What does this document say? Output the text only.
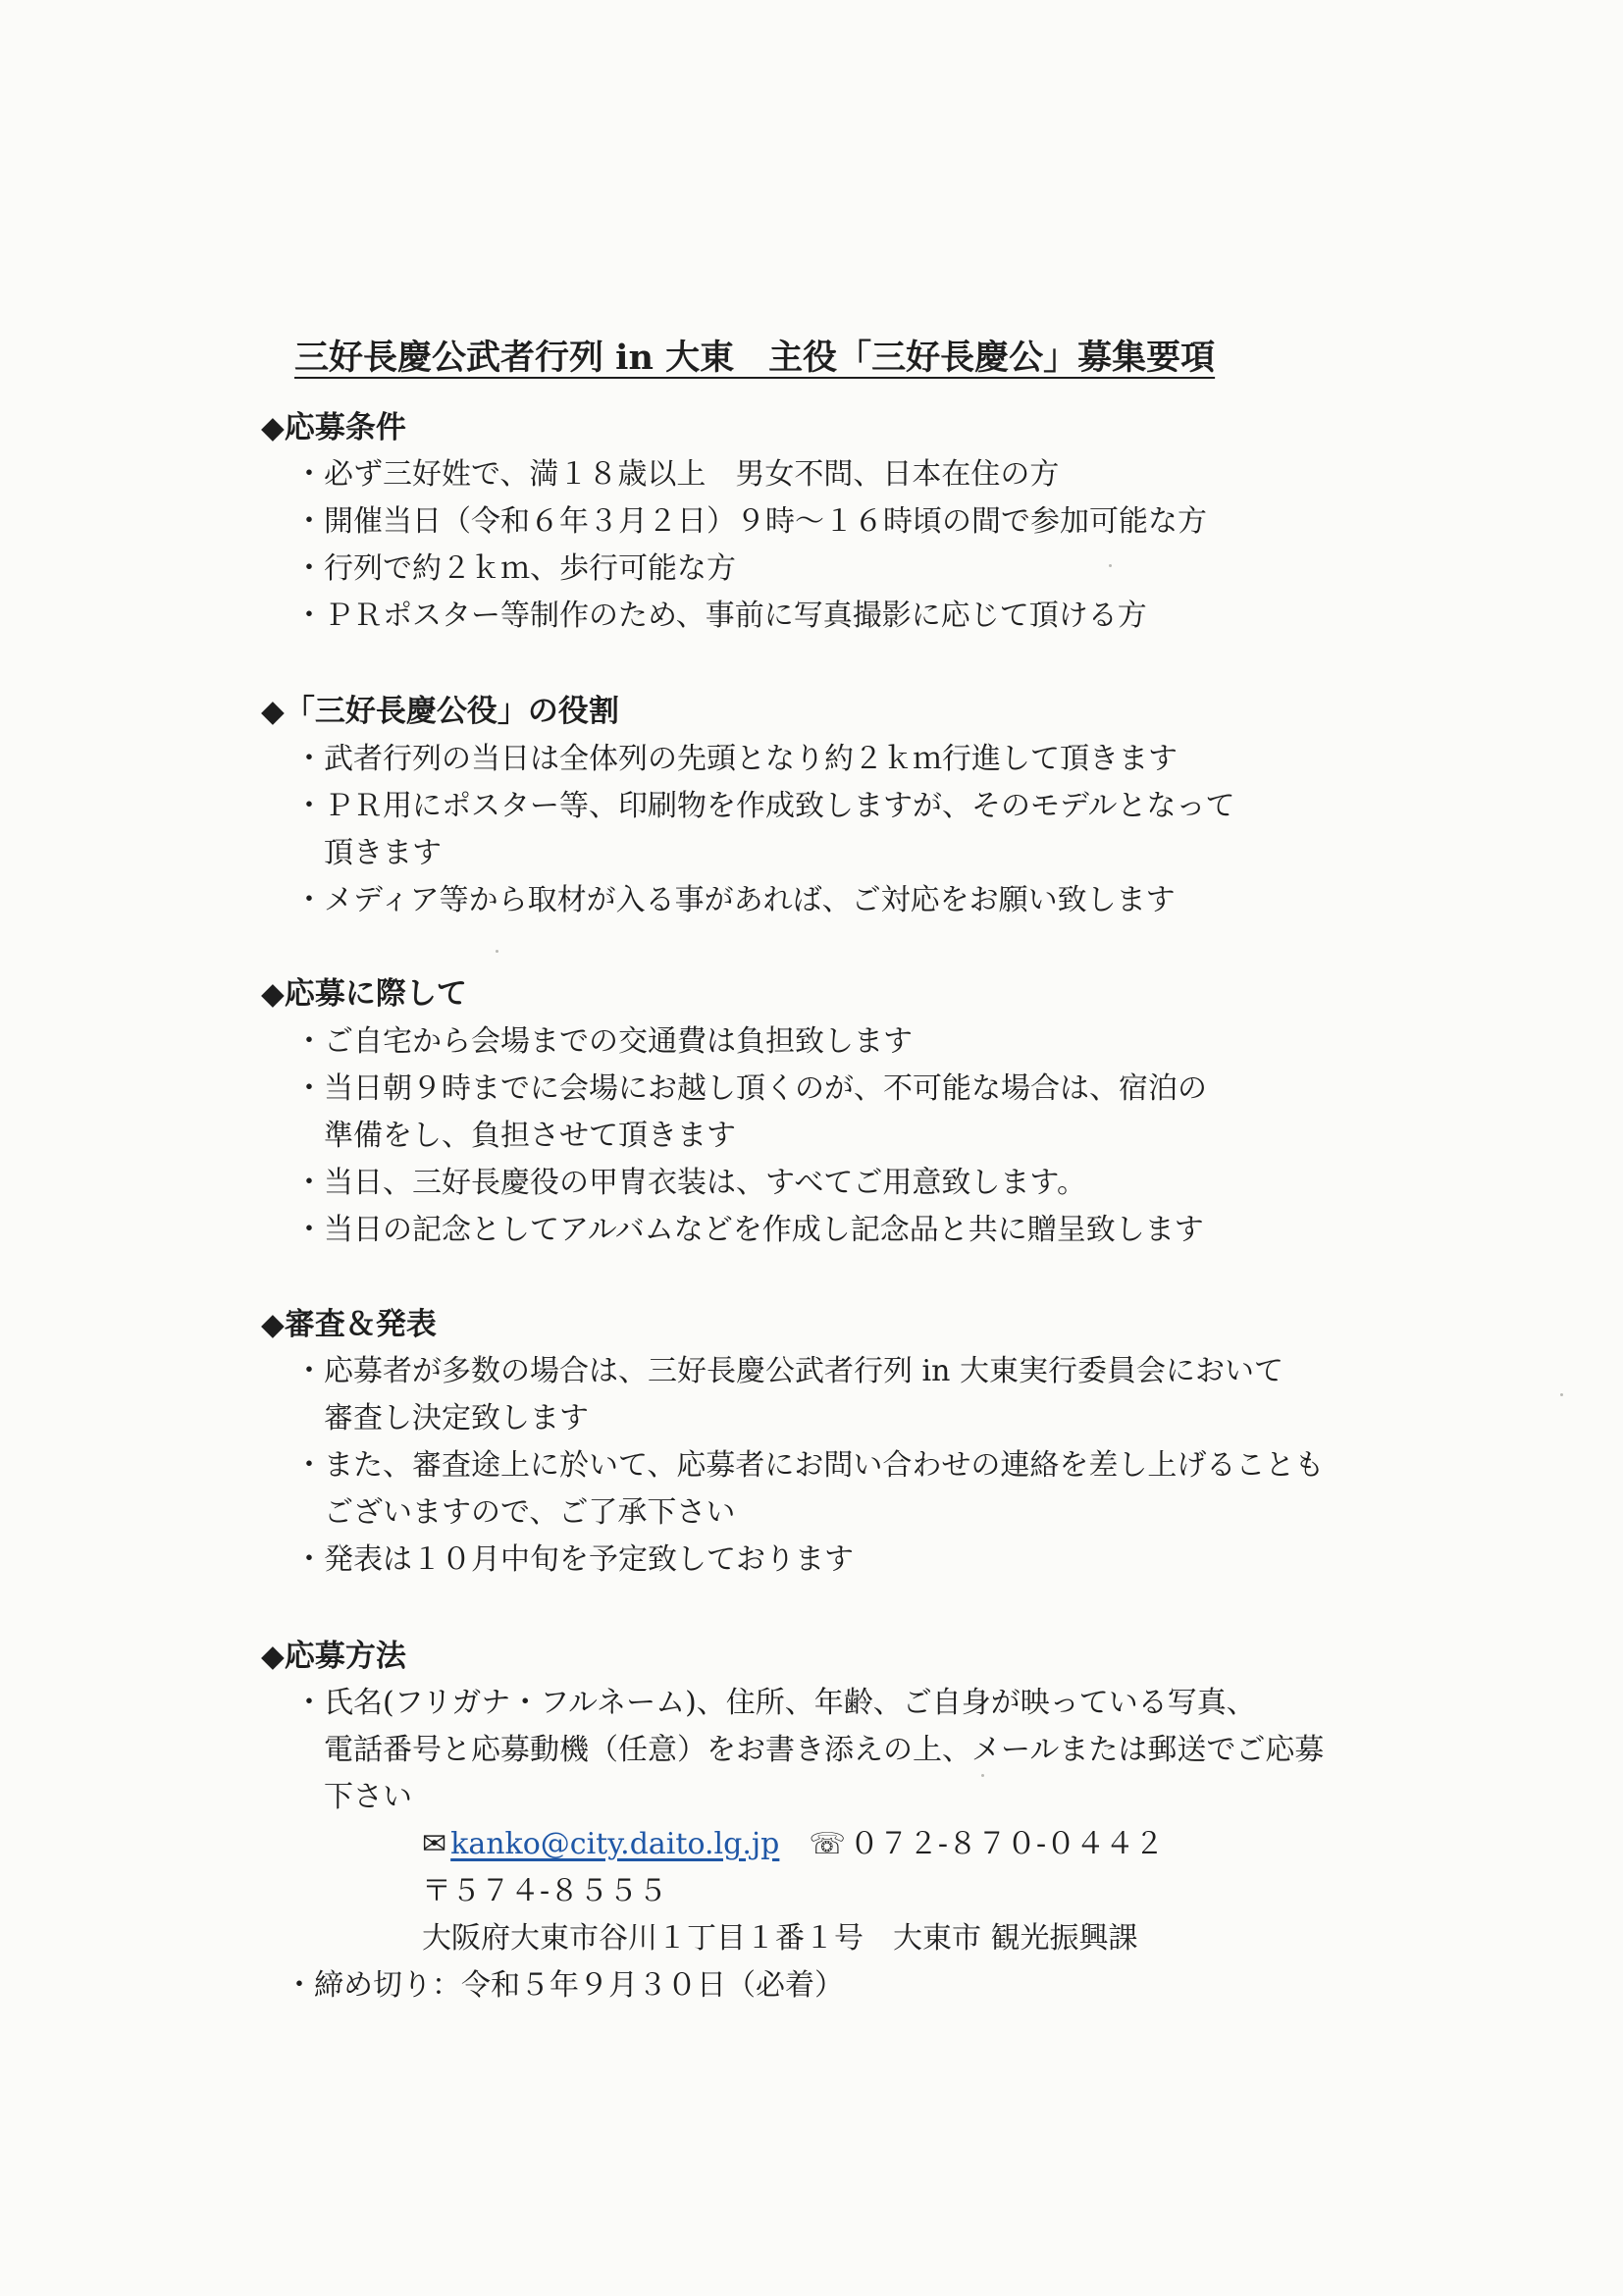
三好長慶公武者行列 in 大東　主役「三好長慶公」募集要項
◆応募条件
・必ず三好姓で、満１８歳以上　男女不問、日本在住の方
・開催当日（令和６年３月２日）９時～１６時頃の間で参加可能な方
・行列で約２ｋｍ、歩行可能な方
・ＰＲポスター等制作のため、事前に写真撮影に応じて頂ける方
◆「三好長慶公役」の役割
・武者行列の当日は全体列の先頭となり約２ｋｍ行進して頂きます
・ＰＲ用にポスター等、印刷物を作成致しますが、そのモデルとなって
　頂きます
・メディア等から取材が入る事があれば、ご対応をお願い致します
◆応募に際して
・ご自宅から会場までの交通費は負担致します
・当日朝９時までに会場にお越し頂くのが、不可能な場合は、宿泊の
　準備をし、負担させて頂きます
・当日、三好長慶役の甲冑衣装は、すべてご用意致します。
・当日の記念としてアルバムなどを作成し記念品と共に贈呈致します
◆審査＆発表
・応募者が多数の場合は、三好長慶公武者行列 in 大東実行委員会において
　審査し決定致します
・また、審査途上に於いて、応募者にお問い合わせの連絡を差し上げることも
　ございますので、ご了承下さい
・発表は１０月中旬を予定致しております
◆応募方法
・氏名(フリガナ・フルネーム)、住所、年齢、ご自身が映っている写真、
　電話番号と応募動機（任意）をお書き添えの上、メールまたは郵送でご応募
　下さい
✉ kanko@city.daito.lg.jp ☏ ０７２-８７０-０４４２
〒５７４-８５５５
大阪府大東市谷川１丁目１番１号　大東市 観光振興課
・締め切り：令和５年９月３０日（必着）
